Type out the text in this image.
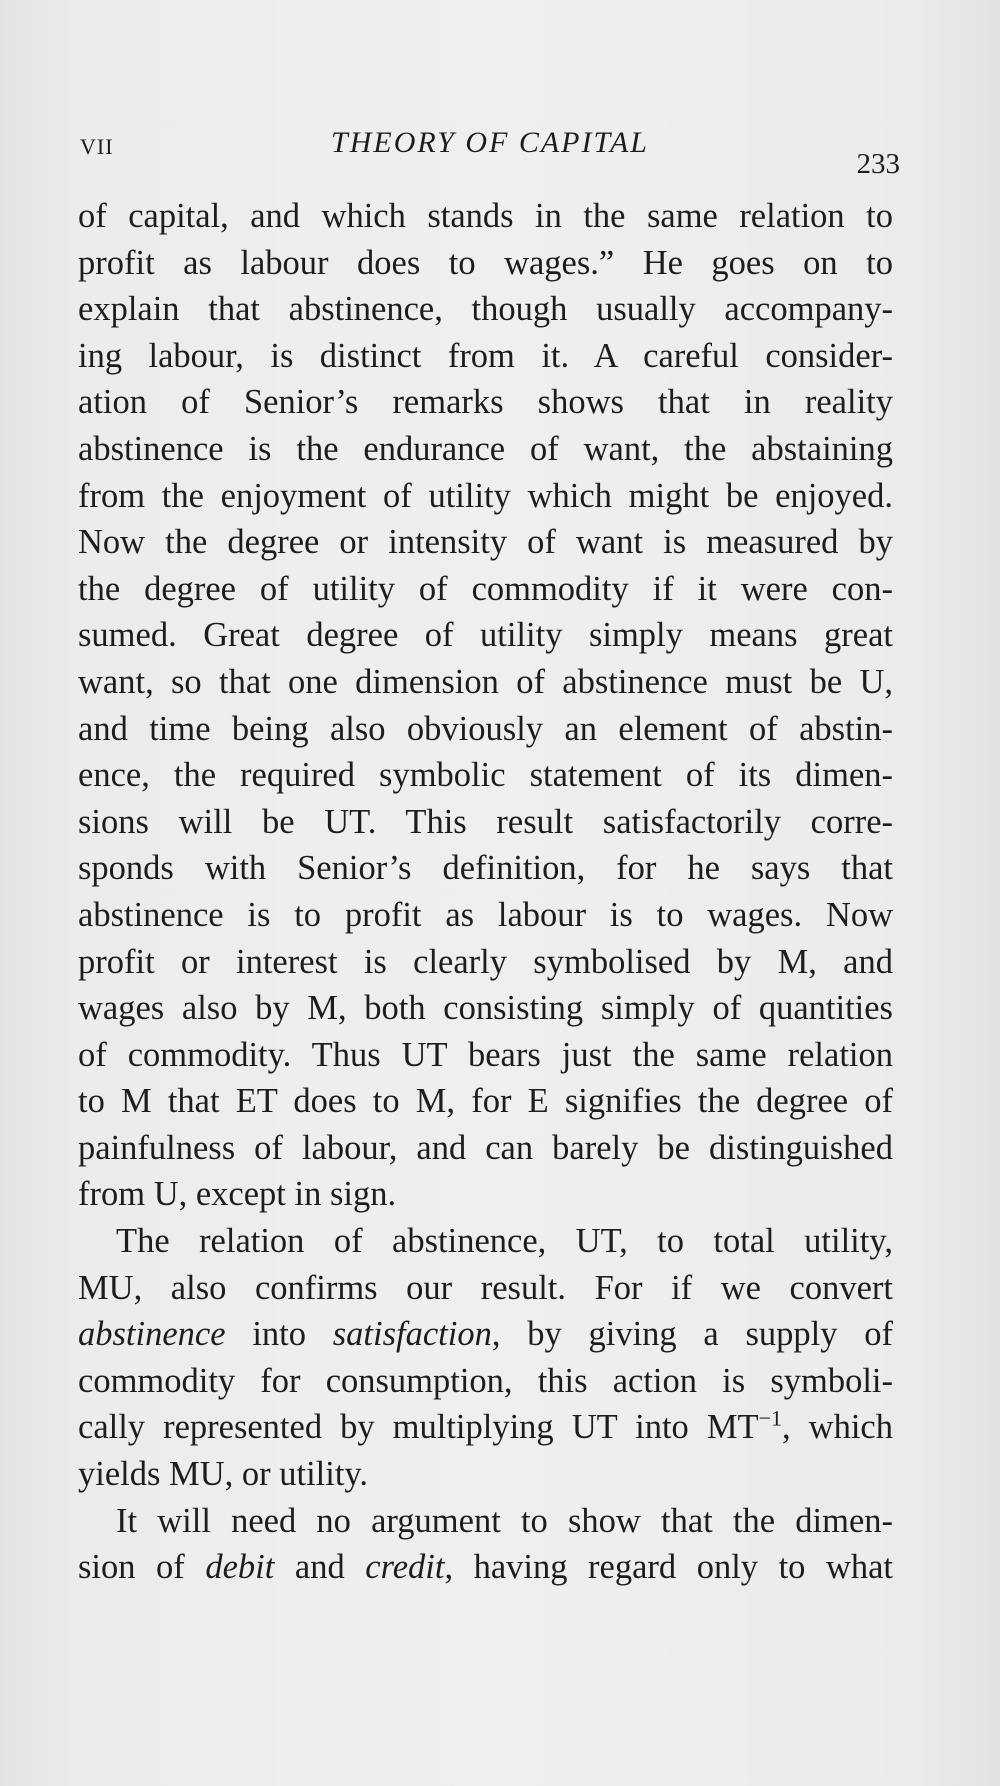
VII	THEORY OF CAPITAL
233
of capital, and which stands in the same relation to
profit as labour does to wages.” He goes on to
explain that abstinence, though usually accompany-
ing labour, is distinct from it. A careful consider-
ation of Senior’s remarks shows that in reality
abstinence is the endurance of want, the abstaining
from the enjoyment of utility which might be enjoyed.
Now the degree or intensity of want is measured by
the degree of utility of commodity if it were con-
sumed. Great degree of utility simply means great
want, so that one dimension of abstinence must be U,
and time being also obviously an element of abstin-
ence, the required symbolic statement of its dimen-
sions will be UT. This result satisfactorily corre-
sponds with Senior’s definition, for he says that
abstinence is to profit as labour is to wages. Now
profit or interest is clearly symbolised by M, and
wages also by M, both consisting simply of quantities
of commodity. Thus UT bears just the same relation
to M that ET does to M, for E signifies the degree of
painfulness of labour, and can barely be distinguished
from U, except in sign.
The relation of abstinence, UT, to total utility,
MU, also confirms our result. For if we convert
abstinence into satisfaction, by giving a supply of
commodity for consumption, this action is symboli-
cally represented by multiplying UT into $MT^{-1}$, which
yields MU, or utility.
It will need no argument to show that the dimen-
sion of debit and credit, having regard only to what
